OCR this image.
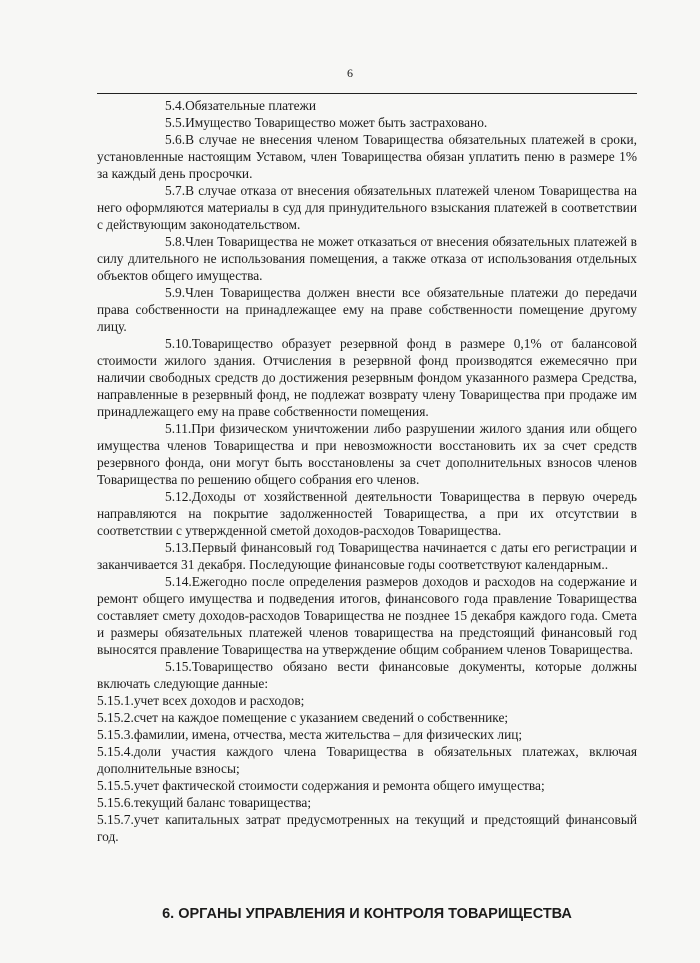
6

5.4.Обязательные платежи

5.5.Имущество Товарищество может быть застраховано.

5.6.В случае не внесения членом Товарищества обязательных платежей в сроки, установленные настоящим Уставом, член Товарищества обязан уплатить пеню в размере 1% за каждый день просрочки.

5.7.В случае отказа от внесения обязательных платежей членом Товарищества на него оформляются материалы в суд для принудительного взыскания платежей в соответствии с действующим законодательством.

5.8.Член Товарищества не может отказаться от внесения обязательных платежей в силу длительного не использования помещения, а также отказа от использования отдельных объектов общего имущества.

5.9.Член Товарищества должен внести все обязательные платежи до передачи права собственности на принадлежащее ему на праве собственности помещение другому лицу.

5.10.Товарищество образует резервной фонд в размере 0,1% от балансовой стоимости жилого здания. Отчисления в резервной фонд производятся ежемесячно при наличии свободных средств до достижения резервным фондом указанного размера Средства, направленные в резервный фонд, не подлежат возврату члену Товарищества при продаже им принадлежащего ему на праве собственности помещения.

5.11.При физическом уничтожении либо разрушении жилого здания или общего имущества членов Товарищества и при невозможности восстановить их за счет средств резервного фонда, они могут быть восстановлены за счет дополнительных взносов членов Товарищества по решению общего собрания его членов.

5.12.Доходы от хозяйственной деятельности Товарищества в первую очередь направляются на покрытие задолженностей Товарищества, а при их отсутствии в соответствии с утвержденной сметой доходов-расходов Товарищества.

5.13.Первый финансовый год Товарищества начинается с даты его регистрации и заканчивается 31 декабря. Последующие финансовые годы соответствуют календарным..

5.14.Ежегодно после определения размеров доходов и расходов на содержание и ремонт общего имущества и подведения итогов, финансового года правление Товарищества составляет смету доходов-расходов Товарищества не позднее 15 декабря каждого года. Смета и размеры обязательных платежей членов товарищества на предстоящий финансовый год выносятся правление Товарищества на утверждение общим собранием членов Товарищества.

5.15.Товарищество обязано вести финансовые документы, которые должны включать следующие данные:

5.15.1.учет всех доходов и расходов;

5.15.2.счет на каждое помещение с указанием сведений о собственнике;

5.15.3.фамилии, имена, отчества, места жительства – для физических лиц;

5.15.4.доли участия каждого члена Товарищества в обязательных платежах, включая дополнительные взносы;

5.15.5.учет фактической стоимости содержания и ремонта общего имущества;

5.15.6.текущий баланс товарищества;

5.15.7.учет капитальных затрат предусмотренных на текущий и предстоящий финансовый год.

6. ОРГАНЫ УПРАВЛЕНИЯ И КОНТРОЛЯ ТОВАРИЩЕСТВА
